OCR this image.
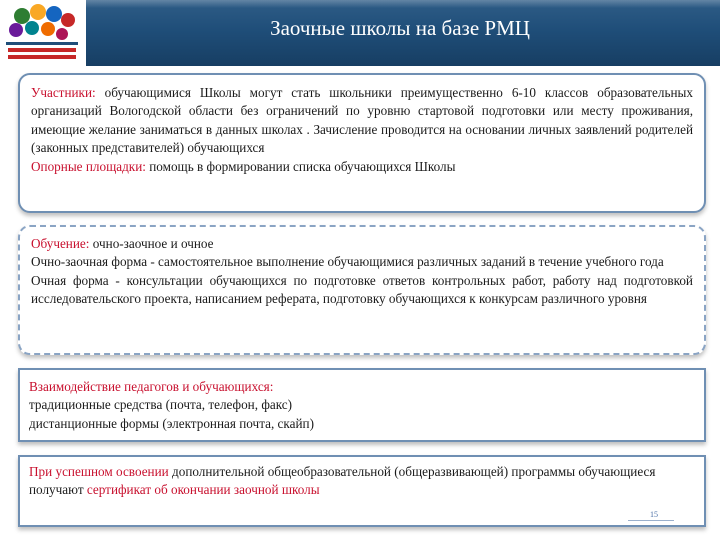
Заочные школы на базе РМЦ

Участники: обучающимися Школы могут стать школьники преимущественно 6-10 классов образовательных организаций Вологодской области без ограничений по уровню стартовой подготовки или месту проживания, имеющие желание заниматься в данных школах . Зачисление проводится на основании личных заявлений родителей (законных представителей) обучающихся

Опорные площадки: помощь в формировании списка обучающихся Школы

Обучение: очно-заочное и очное

Очно-заочная форма - самостоятельное выполнение обучающимися различных заданий в течение учебного года

Очная форма - консультации обучающихся по подготовке ответов контрольных работ, работу над подготовкой исследовательского проекта, написанием реферата, подготовку обучающихся к конкурсам различного уровня

Взаимодействие педагогов и обучающихся:

традиционные средства (почта, телефон, факс)

дистанционные формы (электронная почта, скайп)

При успешном освоении дополнительной общеобразовательной (общеразвивающей) программы обучающиеся получают сертификат об окончании заочной школы

15
